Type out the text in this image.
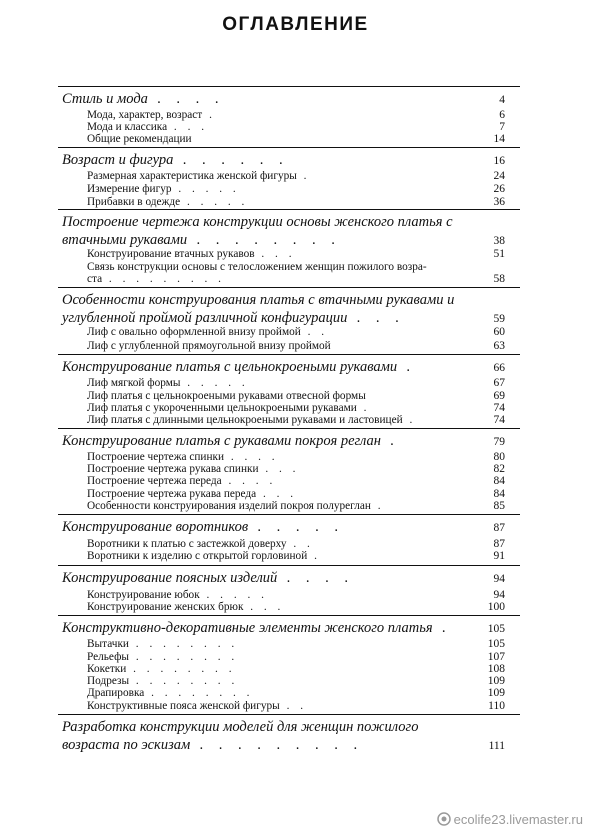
ОГЛАВЛЕНИЕ
Стиль и мода . . . .	4
Мода, характер, возраст .	6
Мода и классика . . .	7
Общие рекомендации	14
Возраст и фигура . . . . . .	16
Размерная характеристика женской фигуры .	24
Измерение фигур . . . . .	26
Прибавки в одежде . . . . .	36
Построение чертежа конструкции основы женского платья с
втачными рукавами . . . . . . . .	38
Конструирование втачных рукавов . . .	51
Связь конструкции основы с телосложением женщин пожилого возра-
ста . . . . . . . . .	58
Особенности конструирования платья с втачными рукавами и
углубленной проймой различной конфигурации . . .	59
Лиф с овально оформленной внизу проймой . .	60
Лиф с углубленной прямоугольной внизу проймой	63
Конструирование платья с цельнокроеными рукавами .	66
Лиф мягкой формы . . . . .	67
Лиф платья с цельнокроеными рукавами отвесной формы	69
Лиф платья с укороченными цельнокроеными рукавами .	74
Лиф платья с длинными цельнокроеными рукавами и ластовицей .	74
Конструирование платья с рукавами покроя реглан .	79
Построение чертежа спинки . . . .	80
Построение чертежа рукава спинки . . .	82
Построение чертежа переда . . . .	84
Построение чертежа рукава переда . . .	84
Особенности конструирования изделий покроя полуреглан .	85
Конструирование воротников . . . . .	87
Воротники к платью с застежкой доверху . .	87
Воротники к изделию с открытой горловиной .	91
Конструирование поясных изделий . . . .	94
Конструирование юбок . . . . .	94
Конструирование женских брюк . . .	100
Конструктивно-декоративные элементы женского платья .	105
Вытачки . . . . . . . .	105
Рельефы . . . . . . . .	107
Кокетки . . . . . . . .	108
Подрезы . . . . . . . .	109
Драпировка . . . . . . . .	109
Конструктивные пояса женской фигуры . .	110
Разработка конструкции моделей для женщин пожилого
возраста по эскизам . . . . . . . . .	111
ecolife23.livemaster.ru
